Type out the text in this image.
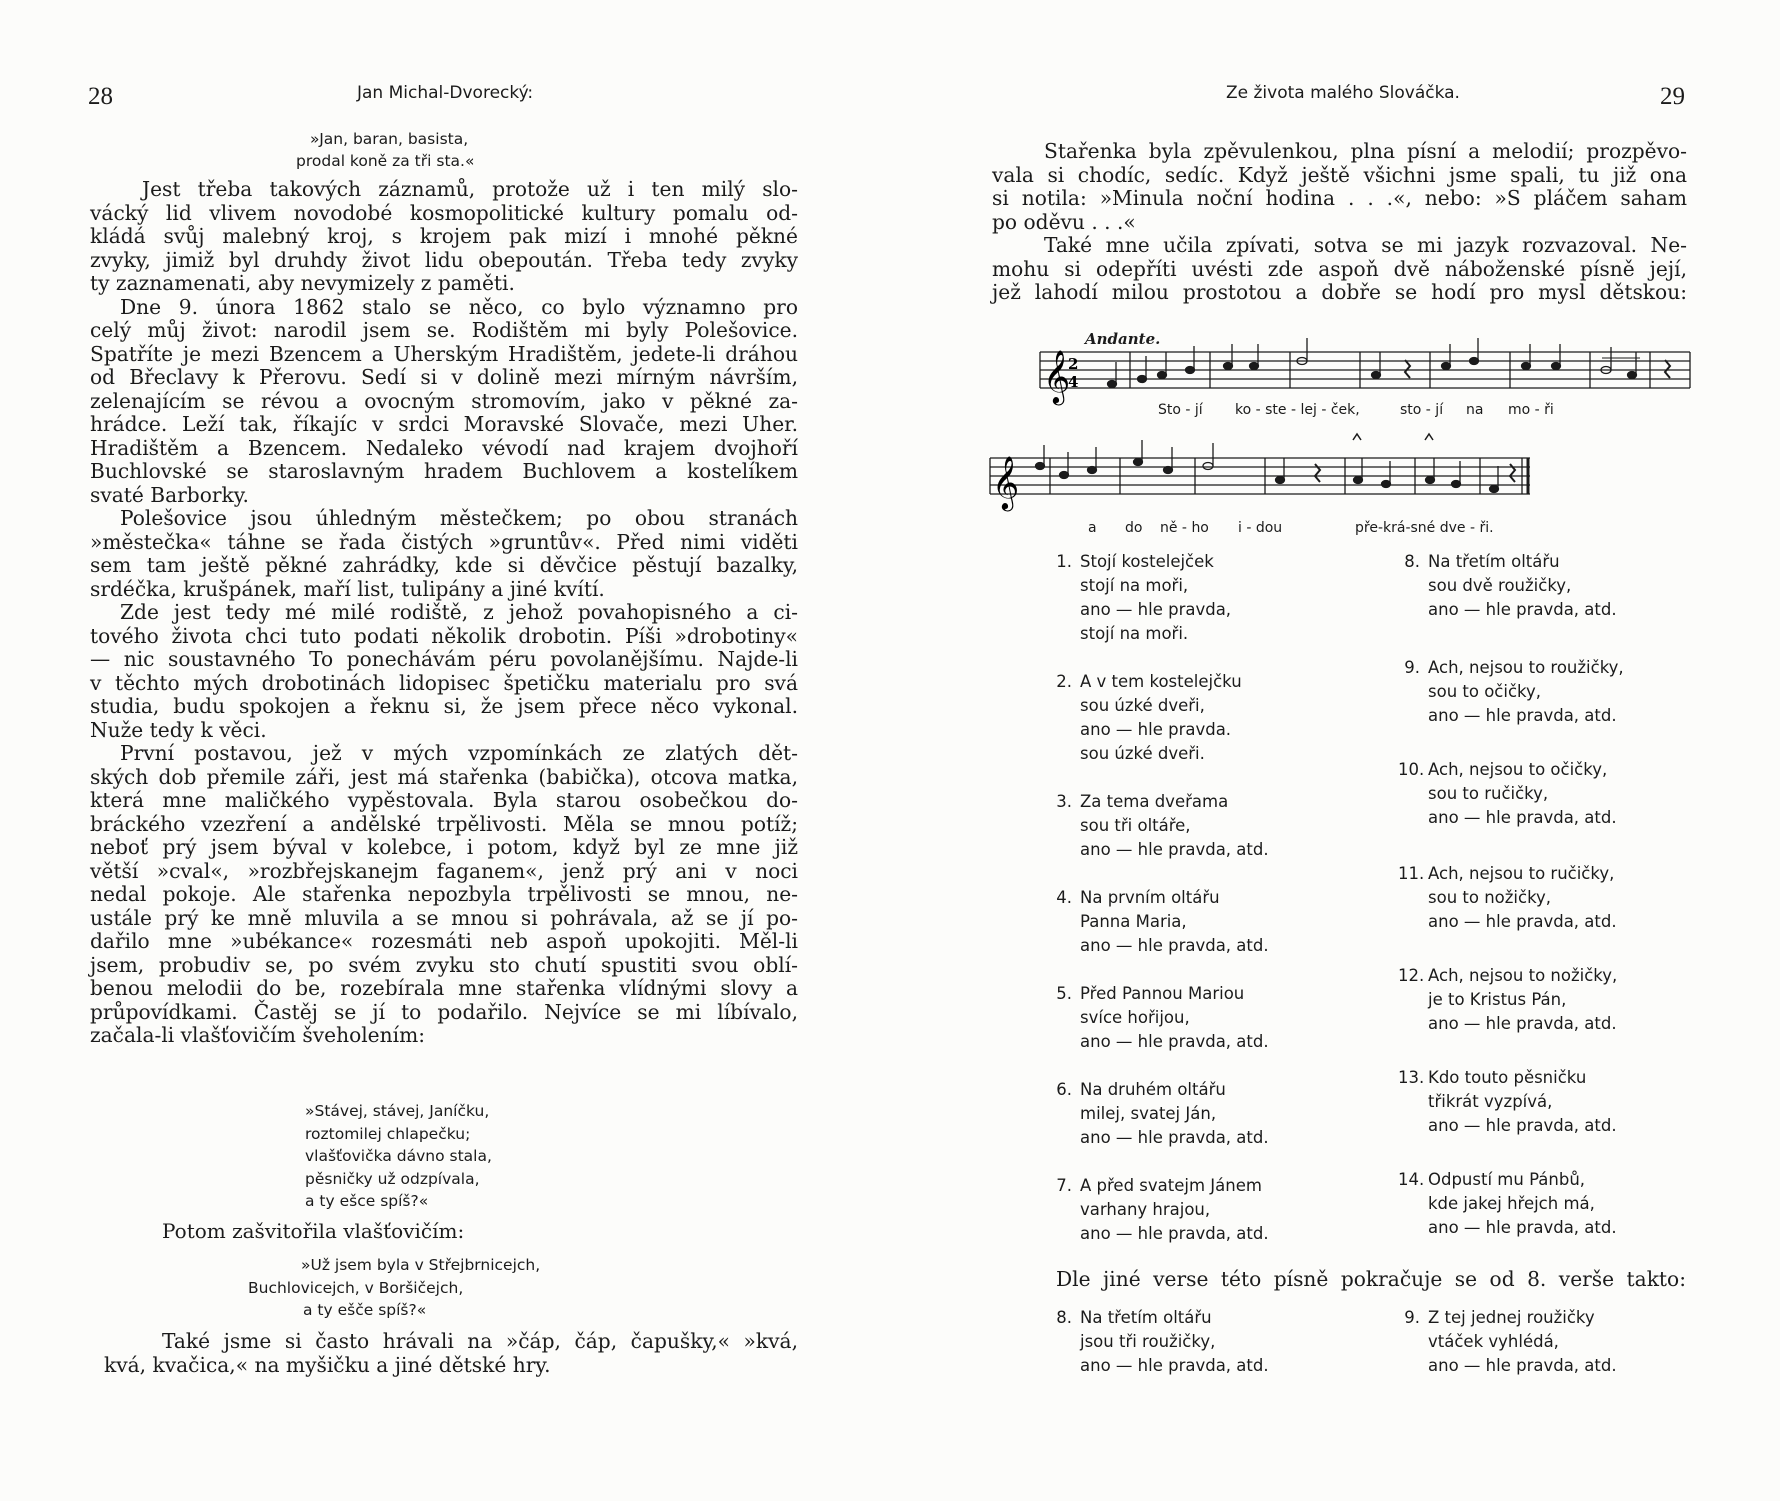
28	Jan Michal-Dvorecký:
»Jan, baran, basista,
prodal koně za tři sta.«
Jest třeba takových záznamů, protože už i ten milý slo-
vácký lid vlivem novodobé kosmopolitické kultury pomalu od-
kládá svůj malebný kroj, s krojem pak mizí i mnohé pěkné
zvyky, jimiž byl druhdy život lidu obepoután. Třeba tedy zvyky
ty zaznamenati, aby nevymizely z paměti.
Dne 9. února 1862 stalo se něco, co bylo významno pro
celý můj život: narodil jsem se. Rodištěm mi byly Polešovice.
Spatříte je mezi Bzencem a Uherským Hradištěm, jedete-li dráhou
od Břeclavy k Přerovu. Sedí si v dolině mezi mírným návrším,
zelenajícím se révou a ovocným stromovím, jako v pěkné za-
hrádce. Leží tak, říkajíc v srdci Moravské Slovače, mezi Uher.
Hradištěm a Bzencem. Nedaleko vévodí nad krajem dvojhoří
Buchlovské se staroslavným hradem Buchlovem a kostelíkem
svaté Barborky.
Polešovice jsou úhledným městečkem; po obou stranách
»městečka« táhne se řada čistých »gruntův«. Před nimi viděti
sem tam ještě pěkné zahrádky, kde si děvčice pěstují bazalky,
srdéčka, krušpánek, maří list, tulipány a jiné kvítí.
Zde jest tedy mé milé rodiště, z jehož povahopisného a ci-
tového života chci tuto podati několik drobotin. Píši »drobotiny«
— nic soustavného To ponechávám péru povolanějšímu. Najde-li
v těchto mých drobotinách lidopisec špetičku materialu pro svá
studia, budu spokojen a řeknu si, že jsem přece něco vykonal.
Nuže tedy k věci.
První postavou, jež v mých vzpomínkách ze zlatých dět-
ských dob přemile záři, jest má stařenka (babička), otcova matka,
která mne maličkého vypěstovala. Byla starou osobečkou do-
bráckého vzezření a andělské trpělivosti. Měla se mnou potíž;
neboť prý jsem býval v kolebce, i potom, když byl ze mne již
větší »cval«, »rozbřejskanejm faganem«, jenž prý ani v noci
nedal pokoje. Ale stařenka nepozbyla trpělivosti se mnou, ne-
ustále prý ke mně mluvila a se mnou si pohrávala, až se jí po-
dařilo mne »ubékance« rozesmáti neb aspoň upokojiti. Měl-li
jsem, probudiv se, po svém zvyku sto chutí spustiti svou oblí-
benou melodii do be, rozebírala mne stařenka vlídnými slovy a
průpovídkami. Častěj se jí to podařilo. Nejvíce se mi líbívalo,
začala-li vlašťovičím šveholením:
»Stávej, stávej, Janíčku,
roztomilej chlapečku;
vlašťovička dávno stala,
pěsničky už odzpívala,
a ty ešce spíš?«
Potom zašvitořila vlašťovičím:
»Už jsem byla v Střejbrnicejch,
Buchlovicejch, v Boršičejch,
a ty ešče spíš?«
Také jsme si často hrávali na »čáp, čáp, čapušky,« »kvá,
kvá, kvačica,« na myšičku a jiné dětské hry.
Ze života malého Slováčka.	29
Stařenka byla zpěvulenkou, plna písní a melodií; prozpěvo-
vala si chodíc, sedíc. Když ještě všichni jsme spali, tu již ona
si notila: »Minula noční hodina . . .«, nebo: »S pláčem saham
po oděvu . . .«
Také mne učila zpívati, sotva se mi jazyk rozvazoval. Ne-
mohu si odepříti uvésti zde aspoň dvě náboženské písně její,
jež lahodí milou prostotou a dobře se hodí pro mysl dětskou:
Andante.
𝄞
2
4
𝄞
Sto - jí ko - ste - lej - ček,	sto - jí na mo - ři
a do ně - ho i - dou	pře-krá-sné dve - ři.
1. Stojí kostelejček
stojí na moři,
ano — hle pravda,
stojí na moři.
2. A v tem kostelejčku
sou úzké dveři,
ano — hle pravda.
sou úzké dveři.
3. Za tema dveřama
sou tři oltáře,
ano — hle pravda, atd.
4. Na prvním oltářu
Panna Maria,
ano — hle pravda, atd.
5. Před Pannou Mariou
svíce hořijou,
ano — hle pravda, atd.
6. Na druhém oltářu
milej, svatej Ján,
ano — hle pravda, atd.
7. A před svatejm Jánem
varhany hrajou,
ano — hle pravda, atd.
8. Na třetím oltářu
sou dvě roužičky,
ano — hle pravda, atd.
9. Ach, nejsou to roužičky,
sou to očičky,
ano — hle pravda, atd.
10. Ach, nejsou to očičky,
sou to ručičky,
ano — hle pravda, atd.
11. Ach, nejsou to ručičky,
sou to nožičky,
ano — hle pravda, atd.
12. Ach, nejsou to nožičky,
je to Kristus Pán,
ano — hle pravda, atd.
13. Kdo touto pěsničku
třikrát vyzpívá,
ano — hle pravda, atd.
14. Odpustí mu Pánbů,
kde jakej hřejch má,
ano — hle pravda, atd.
Dle jiné verse této písně pokračuje se od 8. verše takto:
8. Na třetím oltářu
jsou tři roužičky,
ano — hle pravda, atd.
9. Z tej jednej roužičky
vtáček vyhlédá,
ano — hle pravda, atd.
